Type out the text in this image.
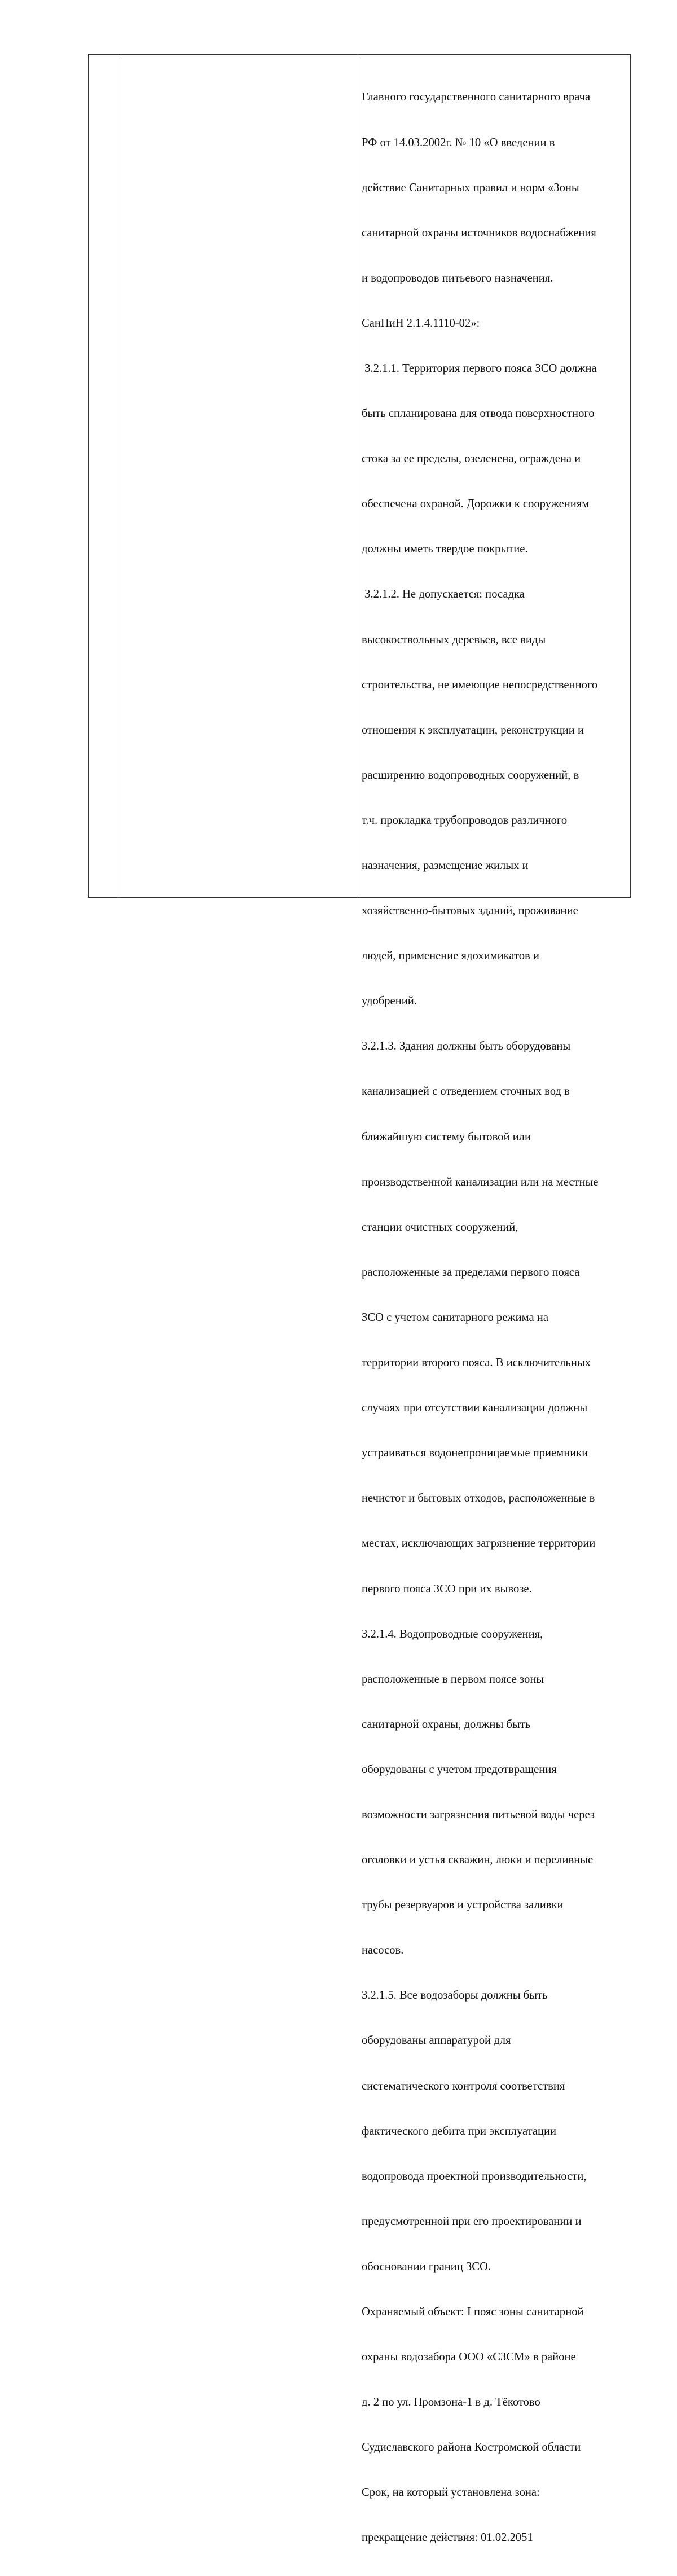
Главного государственного санитарного врача

РФ от 14.03.2002г. № 10 «О введении в

действие Санитарных правил и норм «Зоны

санитарной охраны источников водоснабжения

и водопроводов питьевого назначения.

СанПиН 2.1.4.1110-02»:

3.2.1.1. Территория первого пояса ЗСО должна

быть спланирована для отвода поверхностного

стока за ее пределы, озеленена, ограждена и

обеспечена охраной. Дорожки к сооружениям

должны иметь твердое покрытие.

3.2.1.2. Не допускается: посадка

высокоствольных деревьев, все виды

строительства, не имеющие непосредственного

отношения к эксплуатации, реконструкции и

расширению водопроводных сооружений, в

т.ч. прокладка трубопроводов различного

назначения, размещение жилых и

хозяйственно-бытовых зданий, проживание

людей, применение ядохимикатов и

удобрений.

3.2.1.3. Здания должны быть оборудованы

канализацией с отведением сточных вод в

ближайшую систему бытовой или

производственной канализации или на местные

станции очистных сооружений,

расположенные за пределами первого пояса

ЗСО с учетом санитарного режима на

территории второго пояса. В исключительных

случаях при отсутствии канализации должны

устраиваться водонепроницаемые приемники

нечистот и бытовых отходов, расположенные в

местах, исключающих загрязнение территории

первого пояса ЗСО при их вывозе.

3.2.1.4. Водопроводные сооружения,

расположенные в первом поясе зоны

санитарной охраны, должны быть

оборудованы с учетом предотвращения

возможности загрязнения питьевой воды через

оголовки и устья скважин, люки и переливные

трубы резервуаров и устройства заливки

насосов.

3.2.1.5. Все водозаборы должны быть

оборудованы аппаратурой для

систематического контроля соответствия

фактического дебита при эксплуатации

водопровода проектной производительности,

предусмотренной при его проектировании и

обосновании границ ЗСО.

Охраняемый объект: I пояс зоны санитарной

охраны водозабора ООО «СЗСМ» в районе

д. 2 по ул. Промзона-1 в д. Тёкотово

Судиславского района Костромской области

Срок, на который установлена зона:

прекращение действия: 01.02.2051
